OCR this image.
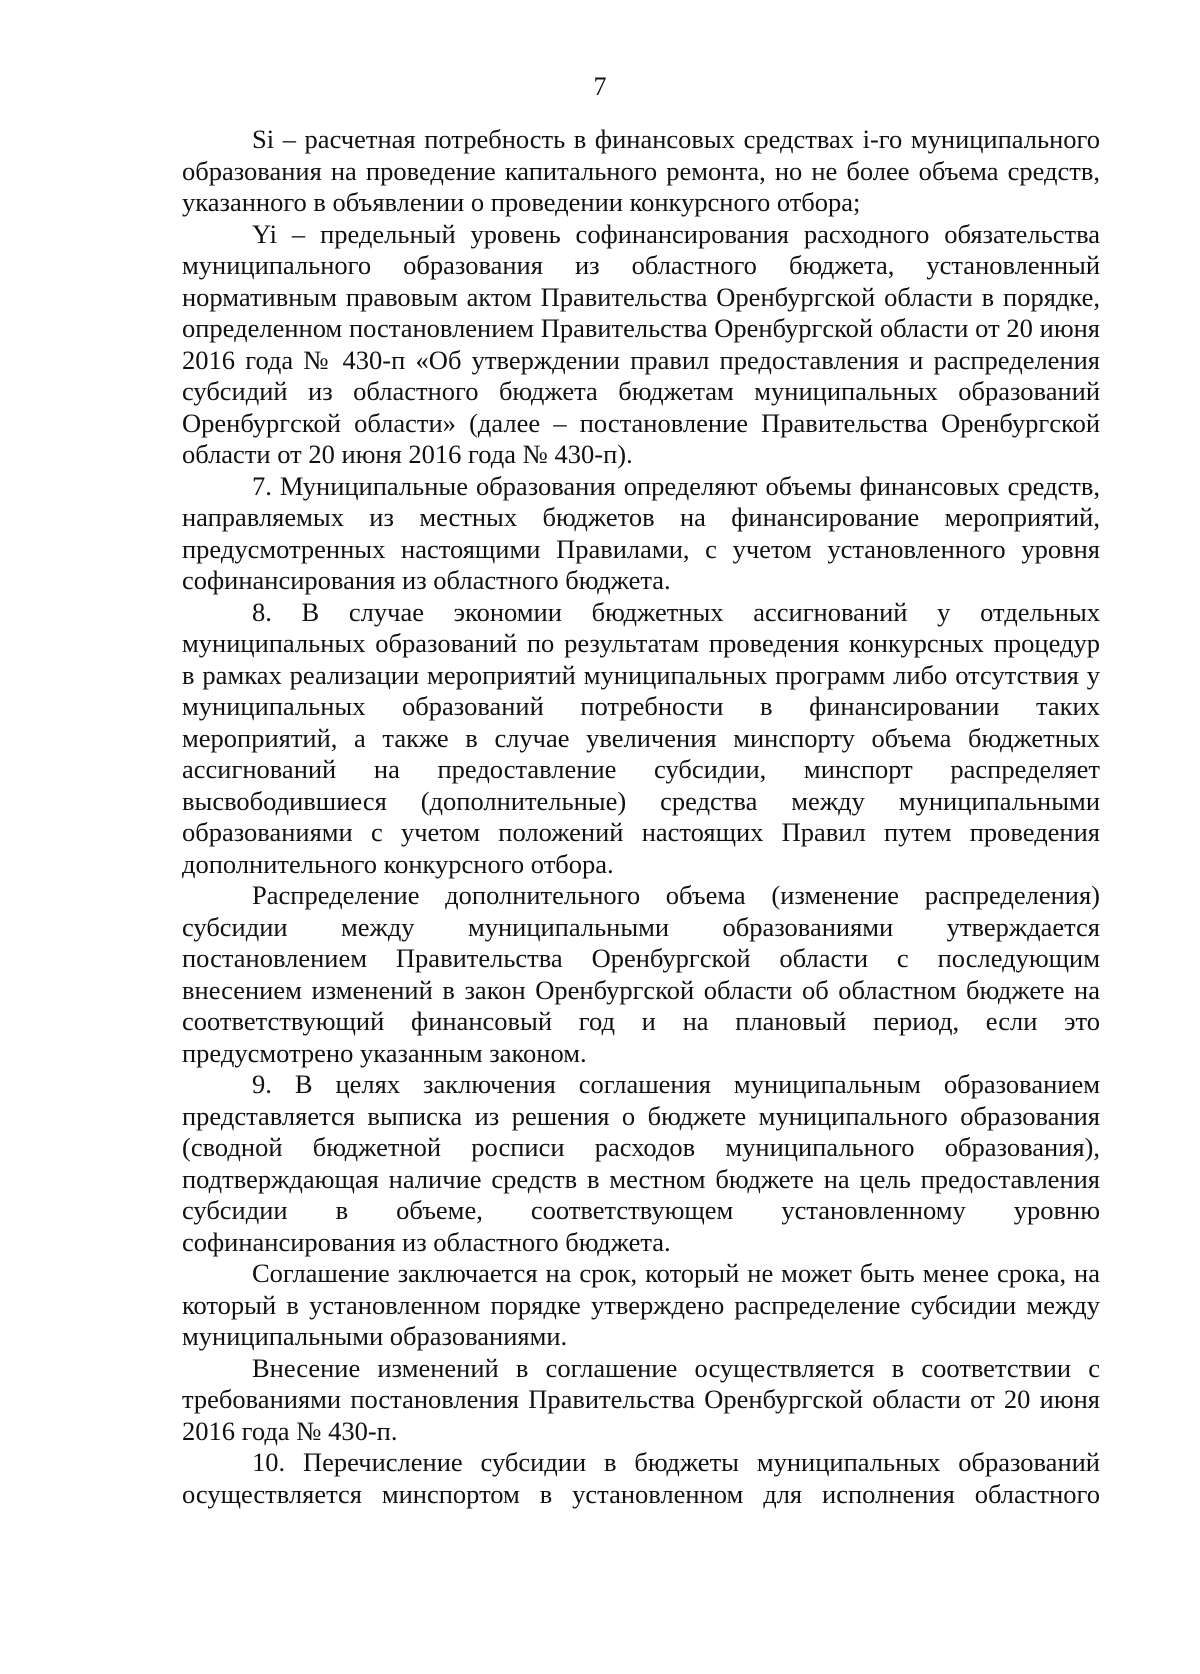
7

Si – расчетная потребность в финансовых средствах i-го муниципального образования на проведение капитального ремонта, но не более объема средств, указанного в объявлении о проведении конкурсного отбора;

Yi – предельный уровень софинансирования расходного обязательства муниципального образования из областного бюджета, установленный нормативным правовым актом Правительства Оренбургской области в порядке, определенном постановлением Правительства Оренбургской области от 20 июня 2016 года № 430-п «Об утверждении правил предоставления и распределения субсидий из областного бюджета бюджетам муниципальных образований Оренбургской области» (далее – постановление Правительства Оренбургской области от 20 июня 2016 года № 430-п).

7. Муниципальные образования определяют объемы финансовых средств, направляемых из местных бюджетов на финансирование мероприятий, предусмотренных настоящими Правилами, с учетом установленного уровня софинансирования из областного бюджета.

8. В случае экономии бюджетных ассигнований у отдельных муниципальных образований по результатам проведения конкурсных процедур в рамках реализации мероприятий муниципальных программ либо отсутствия у муниципальных образований потребности в финансировании таких мероприятий, а также в случае увеличения минспорту объема бюджетных ассигнований на предоставление субсидии, минспорт распределяет высвободившиеся (дополнительные) средства между муниципальными образованиями с учетом положений настоящих Правил путем проведения дополнительного конкурсного отбора.

Распределение дополнительного объема (изменение распределения) субсидии между муниципальными образованиями утверждается постановлением Правительства Оренбургской области с последующим внесением изменений в закон Оренбургской области об областном бюджете на соответствующий финансовый год и на плановый период, если это предусмотрено указанным законом.

9. В целях заключения соглашения муниципальным образованием представляется выписка из решения о бюджете муниципального образования (сводной бюджетной росписи расходов муниципального образования), подтверждающая наличие средств в местном бюджете на цель предоставления субсидии в объеме, соответствующем установленному уровню софинансирования из областного бюджета.

Соглашение заключается на срок, который не может быть менее срока, на который в установленном порядке утверждено распределение субсидии между муниципальными образованиями.

Внесение изменений в соглашение осуществляется в соответствии с требованиями постановления Правительства Оренбургской области от 20 июня 2016 года № 430-п.

10. Перечисление субсидии в бюджеты муниципальных образований осуществляется минспортом в установленном для исполнения областного
